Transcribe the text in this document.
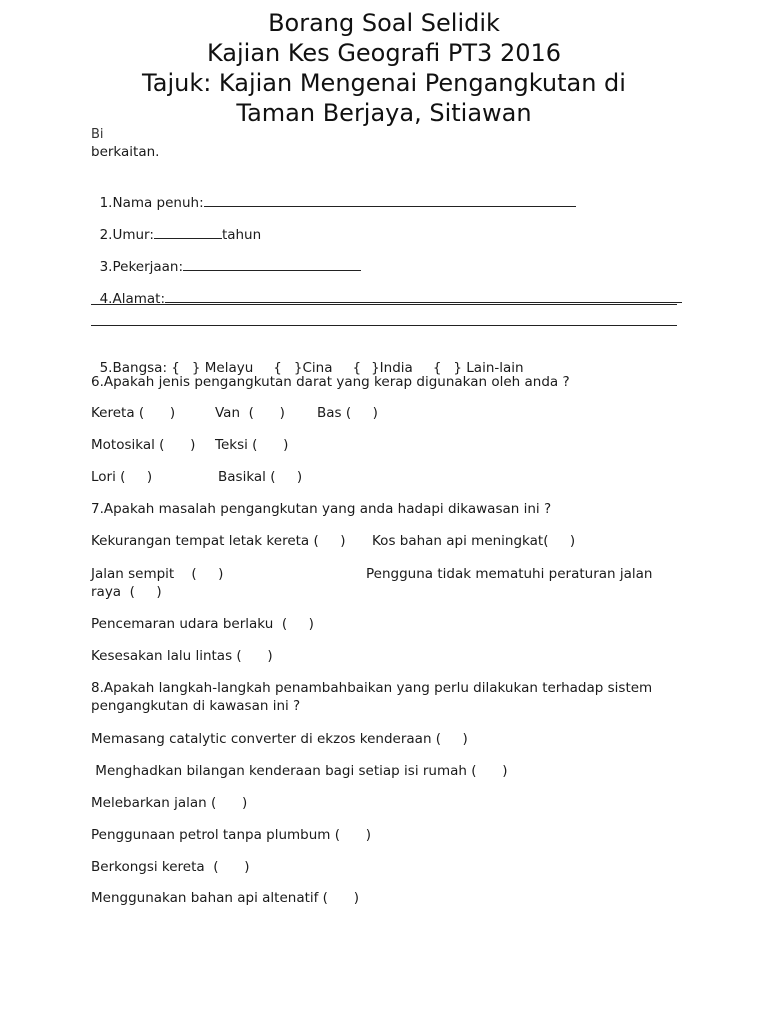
Borang Soal Selidik
Kajian Kes Geografi PT3 2016
Tajuk: Kajian Mengenai Pengangkutan di
Taman Berjaya, Sitiawan
Bi
berkaitan.

1.Nama penuh:

2.Umur:	tahun

3.Pekerjaan:

4.Alamat:

5.Bangsa: { } Melayu { }Cina { }India { } Lain-lain

6.Apakah jenis pengangkutan darat yang kerap digunakan oleh anda ?
Kereta (      )	Van  (      ) Bas (     )
Motosikal (      ) Teksi (      )
Lori (     )	Basikal (     )
7.Apakah masalah pengangkutan yang anda hadapi dikawasan ini ?
Kekurangan tempat letak kereta (     ) Kos bahan api meningkat(     )
Jalan sempit    (     )	Pengguna tidak mematuhi peraturan jalan
raya  (     )
Pencemaran udara berlaku  (     )
Kesesakan lalu lintas (      )
8.Apakah langkah-langkah penambahbaikan yang perlu dilakukan terhadap sistem pengangkutan di kawasan ini ?
Memasang catalytic converter di ekzos kenderaan (     )
Menghadkan bilangan kenderaan bagi setiap isi rumah (      )
Melebarkan jalan (      )
Penggunaan petrol tanpa plumbum (      )
Berkongsi kereta  (      )
Menggunakan bahan api altenatif (      )
